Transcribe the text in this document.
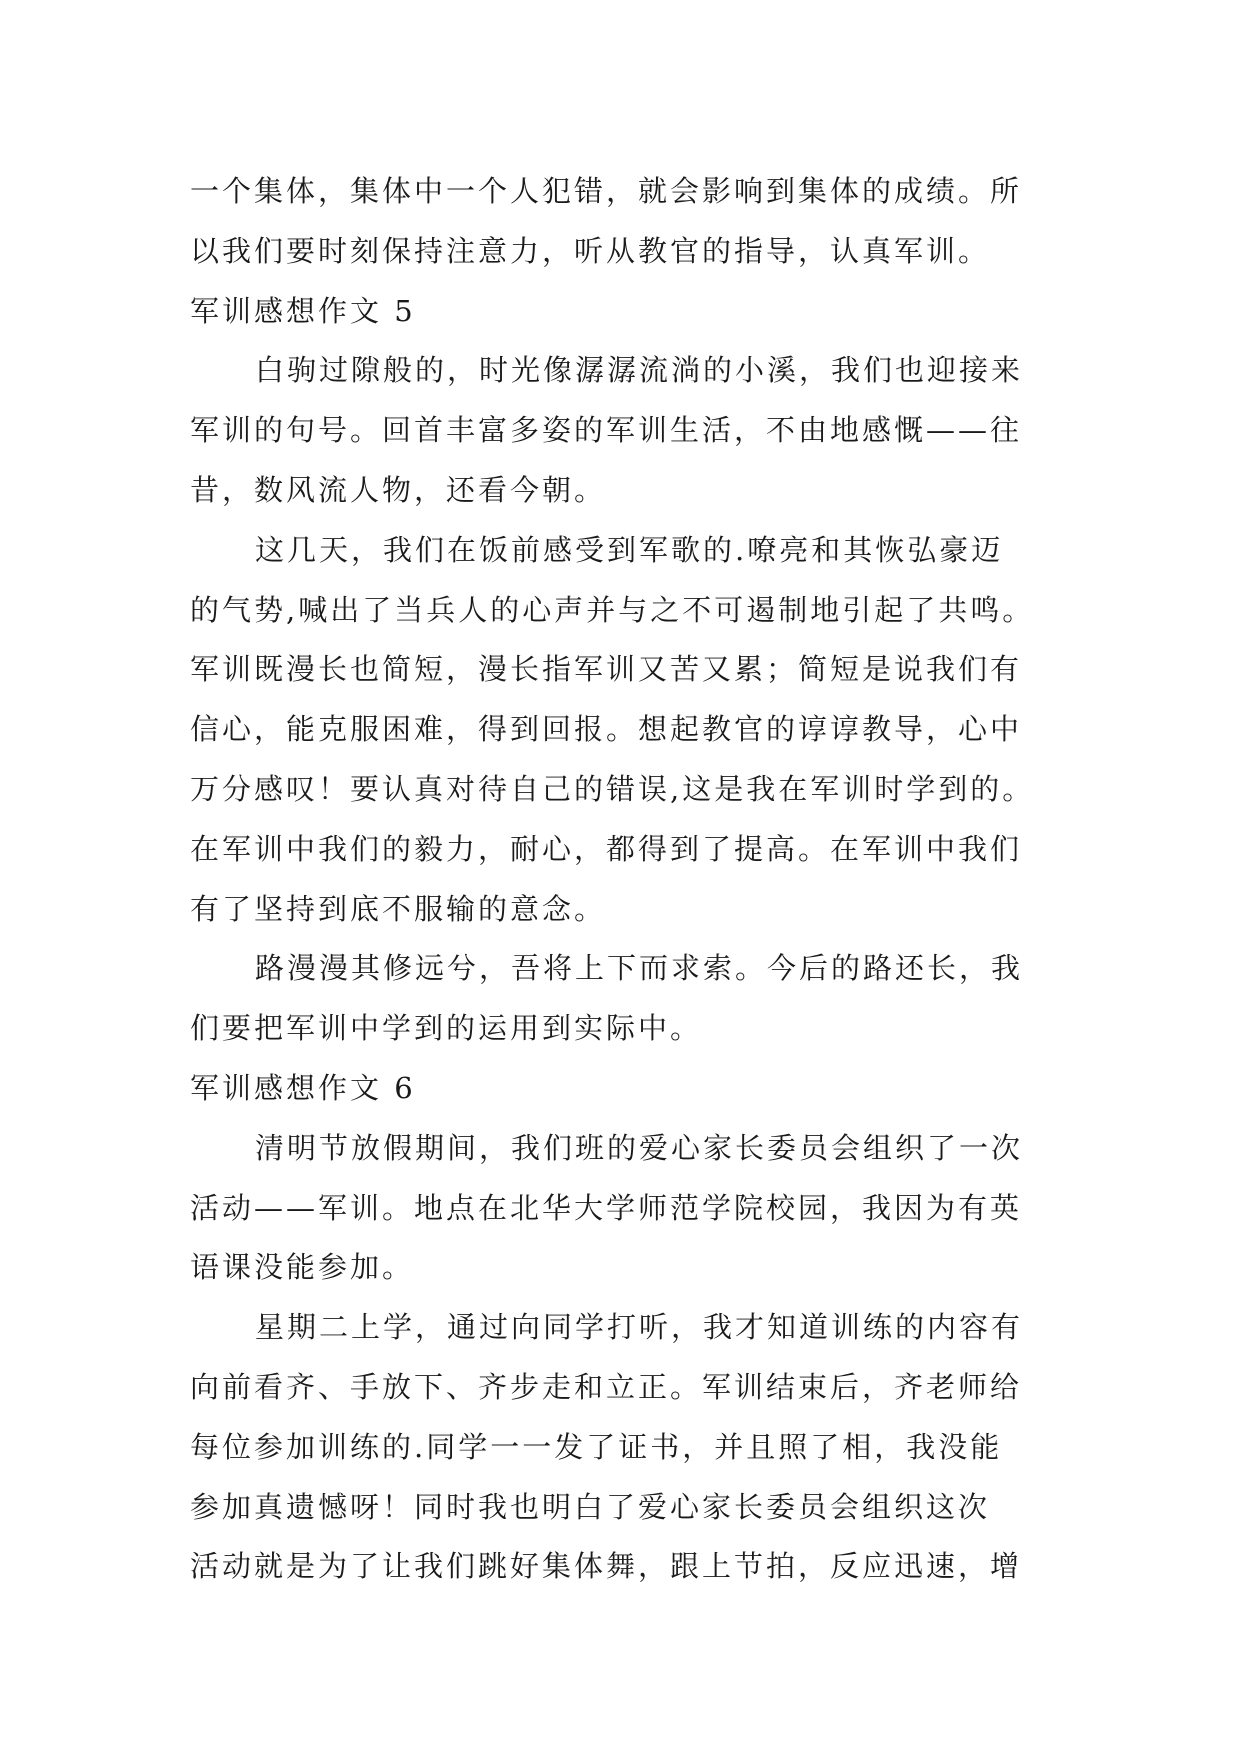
一个集体，集体中一个人犯错，就会影响到集体的成绩。所
以我们要时刻保持注意力，听从教官的指导，认真军训。
军训感想作文 5
白驹过隙般的，时光像潺潺流淌的小溪，我们也迎接来
军训的句号。回首丰富多姿的军训生活，不由地感慨——往
昔，数风流人物，还看今朝。
这几天，我们在饭前感受到军歌的.嘹亮和其恢弘豪迈
的气势,喊出了当兵人的心声并与之不可遏制地引起了共鸣。
军训既漫长也简短，漫长指军训又苦又累；简短是说我们有
信心，能克服困难，得到回报。想起教官的谆谆教导，心中
万分感叹！要认真对待自己的错误,这是我在军训时学到的。
在军训中我们的毅力，耐心，都得到了提高。在军训中我们
有了坚持到底不服输的意念。
路漫漫其修远兮，吾将上下而求索。今后的路还长，我
们要把军训中学到的运用到实际中。
军训感想作文 6
清明节放假期间，我们班的爱心家长委员会组织了一次
活动——军训。地点在北华大学师范学院校园，我因为有英
语课没能参加。
星期二上学，通过向同学打听，我才知道训练的内容有
向前看齐、手放下、齐步走和立正。军训结束后，齐老师给
每位参加训练的.同学一一发了证书，并且照了相，我没能
参加真遗憾呀！同时我也明白了爱心家长委员会组织这次
活动就是为了让我们跳好集体舞，跟上节拍，反应迅速，增
